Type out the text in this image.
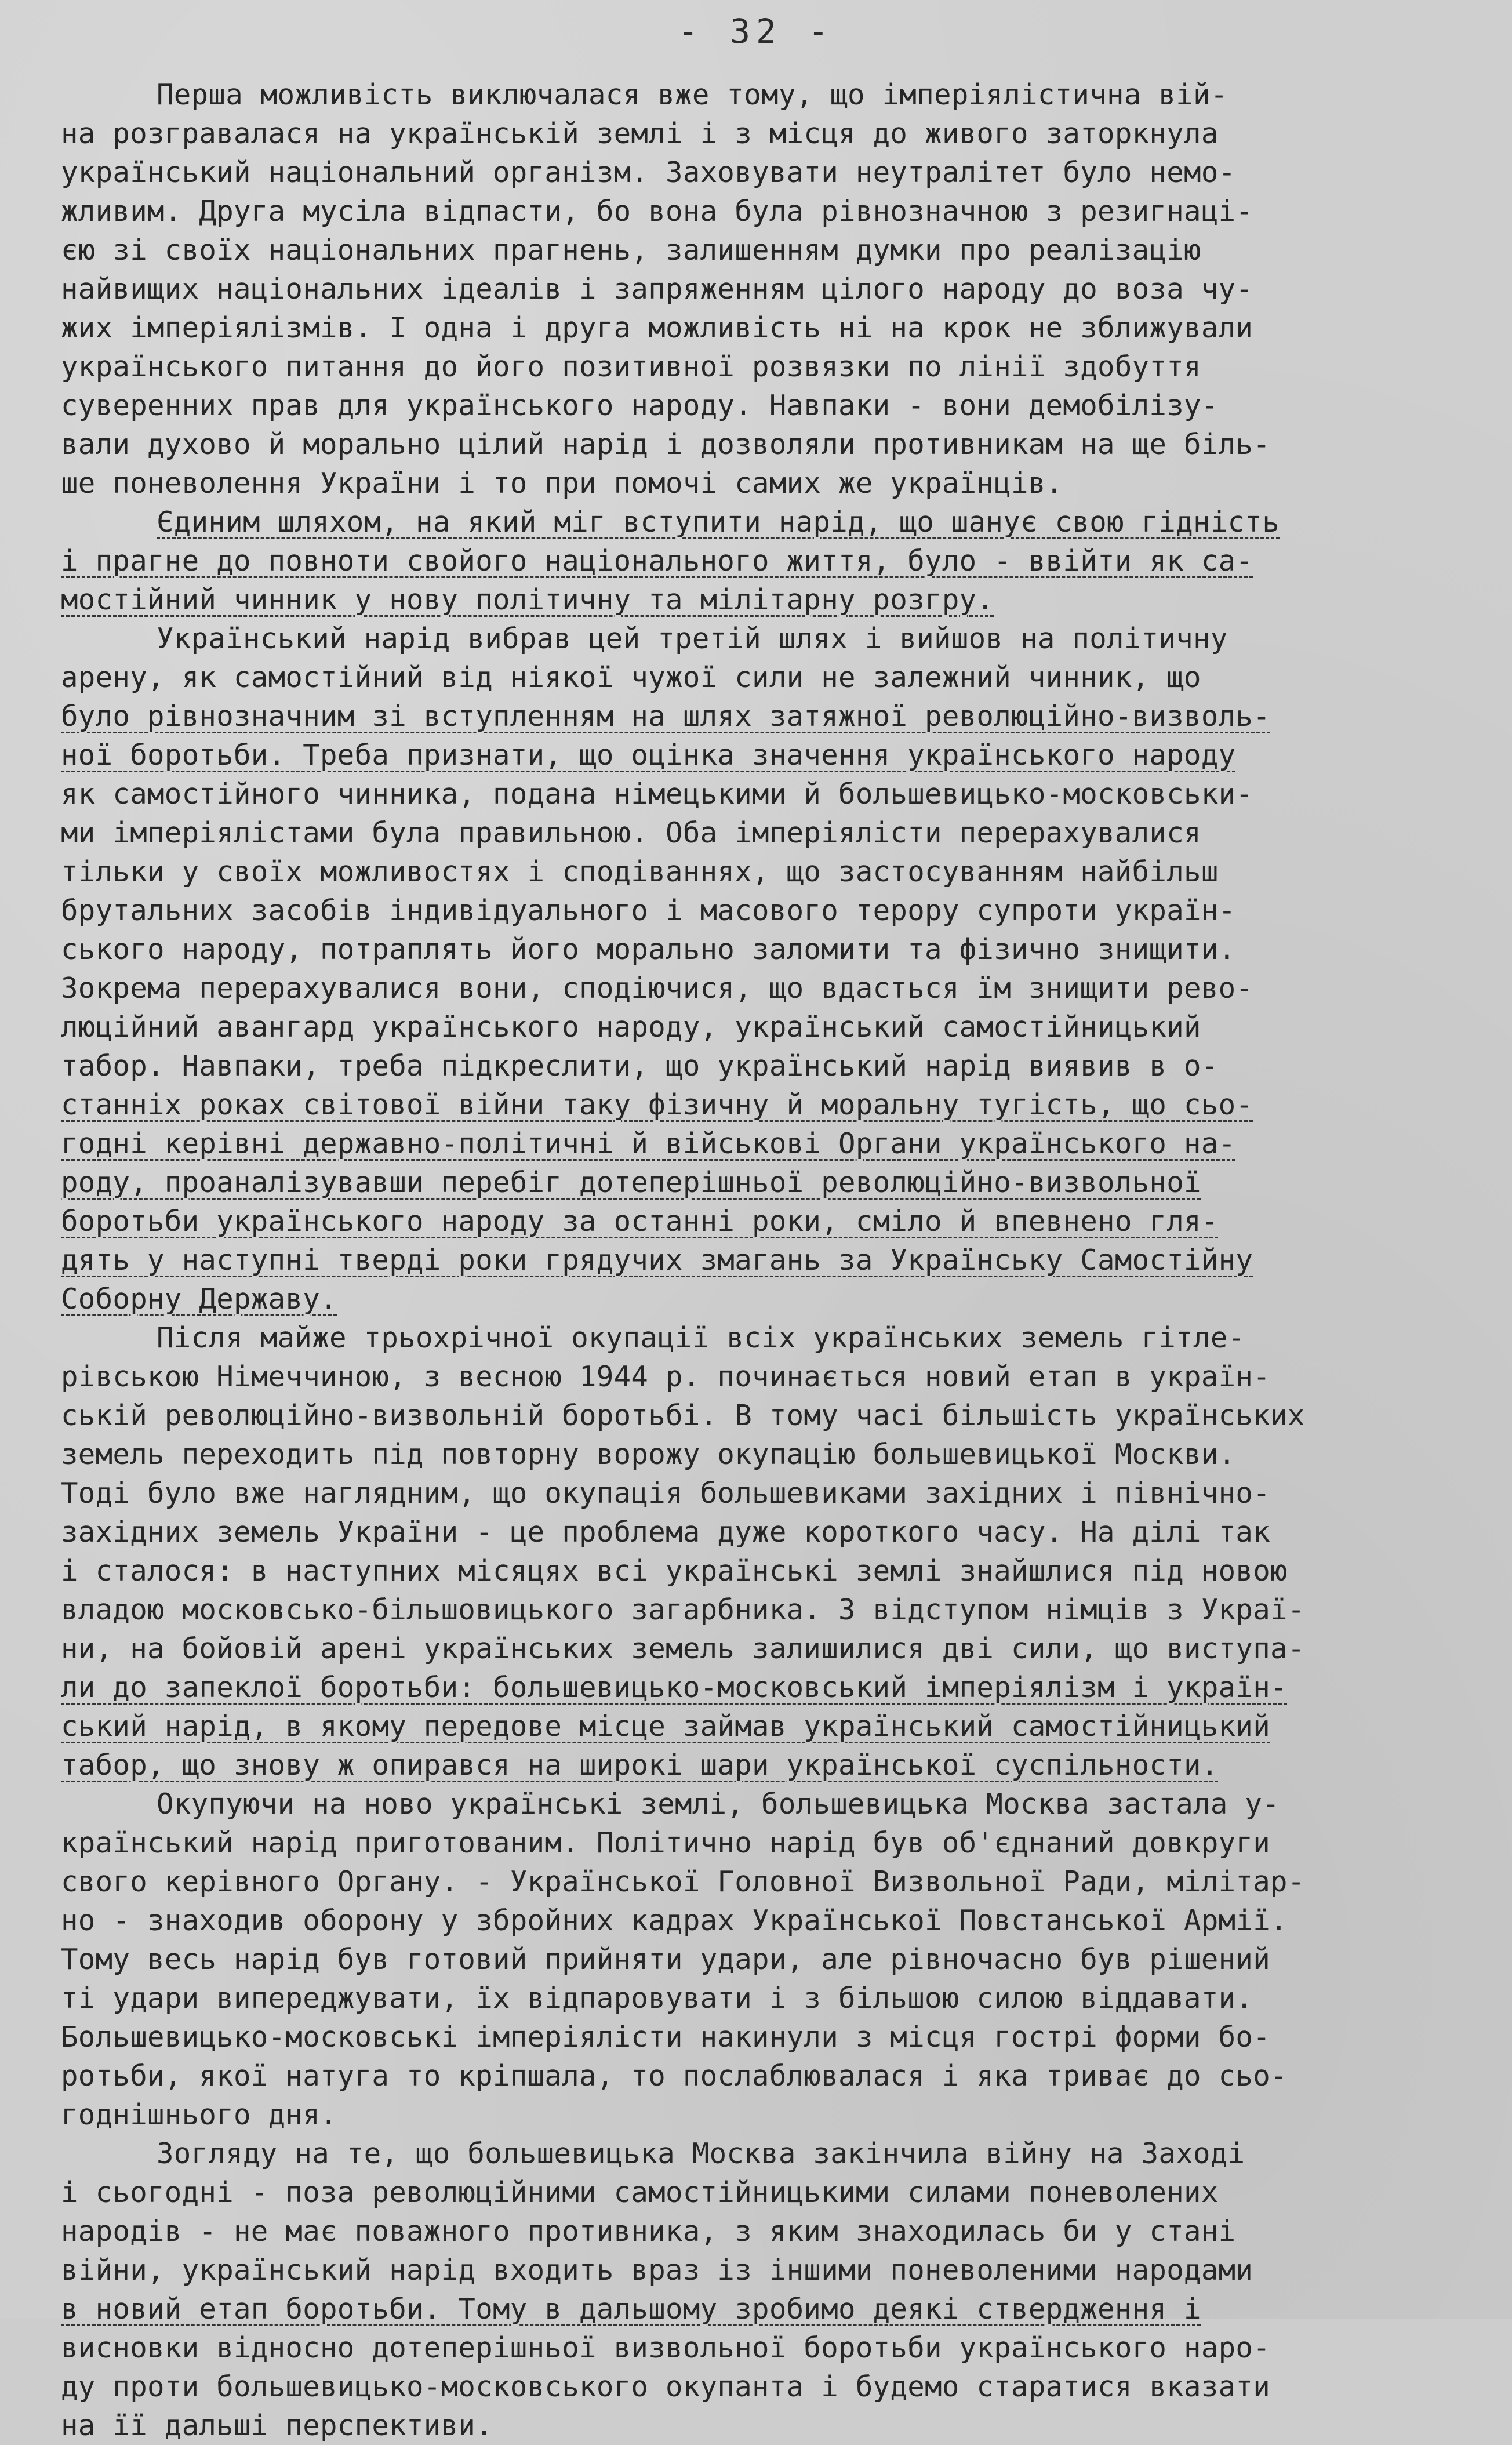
- 32 -
Перша можливість виключалася вже тому, що імперіялістична вій-
на розгравалася на українській землі і з місця до живого заторкнула
український національний організм. Заховувати неутралітет було немо-
жливим. Друга мусіла відпасти, бо вона була рівнозначною з резигнаці-
єю зі своїх національних прагнень, залишенням думки про реалізацію
найвищих національних ідеалів і запряженням цілого народу до воза чу-
жих імперіялізмів. І одна і друга можливість ні на крок не зближували
українського питання до його позитивної розвязки по лінії здобуття
суверенних прав для українського народу. Навпаки - вони демобілізу-
вали духово й морально цілий нарід і дозволяли противникам на ще біль-
ше поневолення України і то при помочі самих же українців.
Єдиним шляхом, на який міг вступити нарід, що шанує свою гідність
і прагне до повноти свойого національного життя, було - ввійти як са-
мостійний чинник у нову політичну та мілітарну розгру.
Український нарід вибрав цей третій шлях і вийшов на політичну
арену, як самостійний від ніякої чужої сили не залежний чинник, що
було рівнозначним зі вступленням на шлях затяжної революційно-визволь-
ної боротьби. Треба признати, що оцінка значення українського народу
як самостійного чинника, подана німецькими й большевицько-московськи-
ми імперіялістами була правильною. Оба імперіялісти перерахувалися
тільки у своїх можливостях і сподіваннях, що застосуванням найбільш
брутальних засобів індивідуального і масового терору супроти україн-
ського народу, потраплять його морально заломити та фізично знищити.
Зокрема перерахувалися вони, сподіючися, що вдасться їм знищити рево-
люційний авангард українського народу, український самостійницький
табор. Навпаки, треба підкреслити, що український нарід виявив в о-
станніх роках світової війни таку фізичну й моральну тугість, що сьо-
годні керівні державно-політичні й військові Органи українського на-
роду, проаналізувавши перебіг дотеперішньої революційно-визвольної
боротьби українського народу за останні роки, сміло й впевнено гля-
дять у наступні тверді роки грядучих змагань за Українську Самостійну
Соборну Державу.
Після майже трьохрічної окупації всіх українських земель гітле-
рівською Німеччиною, з весною 1944 р. починається новий етап в україн-
ській революційно-визвольній боротьбі. В тому часі більшість українських
земель переходить під повторну ворожу окупацію большевицької Москви.
Тоді було вже наглядним, що окупація большевиками західних і північно-
західних земель України - це проблема дуже короткого часу. На ділі так
і сталося: в наступних місяцях всі українські землі знайшлися під новою
владою московсько-більшовицького загарбника. З відступом німців з Украї-
ни, на бойовій арені українських земель залишилися дві сили, що виступа-
ли до запеклої боротьби: большевицько-московський імперіялізм і україн-
ський нарід, в якому передове місце займав український самостійницький
табор, що знову ж опирався на широкі шари української суспільности.
Окупуючи на ново українські землі, большевицька Москва застала у-
країнський нарід приготованим. Політично нарід був об'єднаний довкруги
свого керівного Органу. - Української Головної Визвольної Ради, мілітар-
но - знаходив оборону у збройних кадрах Української Повстанської Армії.
Тому весь нарід був готовий прийняти удари, але рівночасно був рішений
ті удари випереджувати, їх відпаровувати і з більшою силою віддавати.
Большевицько-московські імперіялісти накинули з місця гострі форми бо-
ротьби, якої натуга то кріпшала, то послаблювалася і яка триває до сьо-
годнішнього дня.
Зогляду на те, що большевицька Москва закінчила війну на Заході
і сьогодні - поза революційними самостійницькими силами поневолених
народів - не має поважного противника, з яким знаходилась би у стані
війни, український нарід входить враз із іншими поневоленими народами
в новий етап боротьби. Тому в дальшому зробимо деякі ствердження і
висновки відносно дотеперішньої визвольної боротьби українського наро-
ду проти большевицько-московського окупанта і будемо старатися вказати
на її дальші перспективи.
